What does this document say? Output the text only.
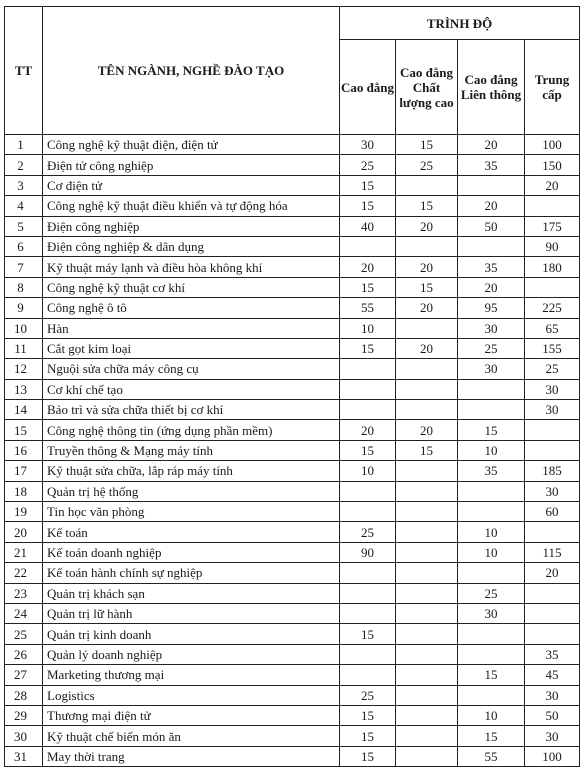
TT	TÊN NGÀNH, NGHỀ ĐÀO TẠO	TRÌNH ĐỘ			
		Cao đẳng	Cao đẳng Chất lượng cao	Cao đẳng Liên thông	Trung cấp
1	Công nghệ kỹ thuật điện, điện tử	30	15	20	100
2	Điện tử công nghiệp	25	25	35	150
3	Cơ điện tử	15			20
4	Công nghệ kỹ thuật điều khiển và tự động hóa	15	15	20	
5	Điện công nghiệp	40	20	50	175
6	Điện công nghiệp & dân dụng				90
7	Kỹ thuật máy lạnh và điều hòa không khí	20	20	35	180
8	Công nghệ kỹ thuật cơ khí	15	15	20	
9	Công nghệ ô tô	55	20	95	225
10	Hàn	10		30	65
11	Cắt gọt kim loại	15	20	25	155
12	Nguội sửa chữa máy công cụ			30	25
13	Cơ khí chế tạo				30
14	Bảo trì và sửa chữa thiết bị cơ khí				30
15	Công nghệ thông tin (ứng dụng phần mềm)	20	20	15	
16	Truyền thông & Mạng máy tính	15	15	10	
17	Kỹ thuật sửa chữa, lắp ráp máy tính	10		35	185
18	Quản trị hệ thống				30
19	Tin học văn phòng				60
20	Kế toán	25		10	
21	Kế toán doanh nghiệp	90		10	115
22	Kế toán hành chính sự nghiệp				20
23	Quản trị khách sạn			25	
24	Quản trị lữ hành			30	
25	Quản trị kinh doanh	15			
26	Quản lý doanh nghiệp				35
27	Marketing thương mại			15	45
28	Logistics	25			30
29	Thương mại điện tử	15		10	50
30	Kỹ thuật chế biến món ăn	15		15	30
31	May thời trang	15		55	100
